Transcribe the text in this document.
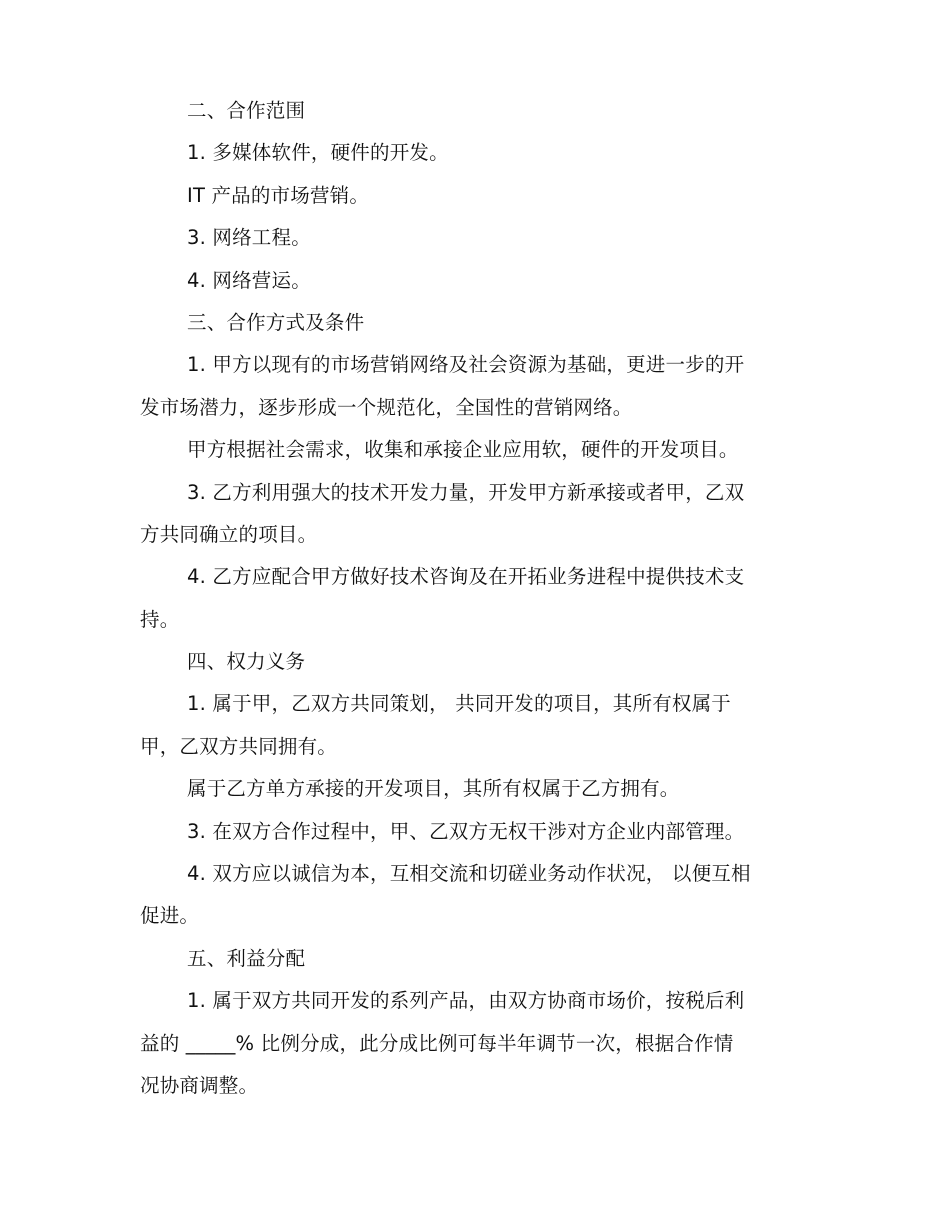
二、合作范围
1. 多媒体软件，硬件的开发。
IT 产品的市场营销。
3. 网络工程。
4. 网络营运。
三、合作方式及条件
1. 甲方以现有的市场营销网络及社会资源为基础，更进一步的开
发市场潜力，逐步形成一个规范化，全国性的营销网络。
甲方根据社会需求，收集和承接企业应用软，硬件的开发项目。
3. 乙方利用强大的技术开发力量，开发甲方新承接或者甲，乙双
方共同确立的项目。
4. 乙方应配合甲方做好技术咨询及在开拓业务进程中提供技术支
持。
四、权力义务
1. 属于甲，乙双方共同策划， 共同开发的项目，其所有权属于
甲，乙双方共同拥有。
属于乙方单方承接的开发项目，其所有权属于乙方拥有。
3. 在双方合作过程中，甲、乙双方无权干涉对方企业内部管理。
4. 双方应以诚信为本，互相交流和切磋业务动作状况， 以便互相
促进。
五、利益分配
1. 属于双方共同开发的系列产品，由双方协商市场价，按税后利
益的 _____% 比例分成，此分成比例可每半年调节一次，根据合作情
况协商调整。
